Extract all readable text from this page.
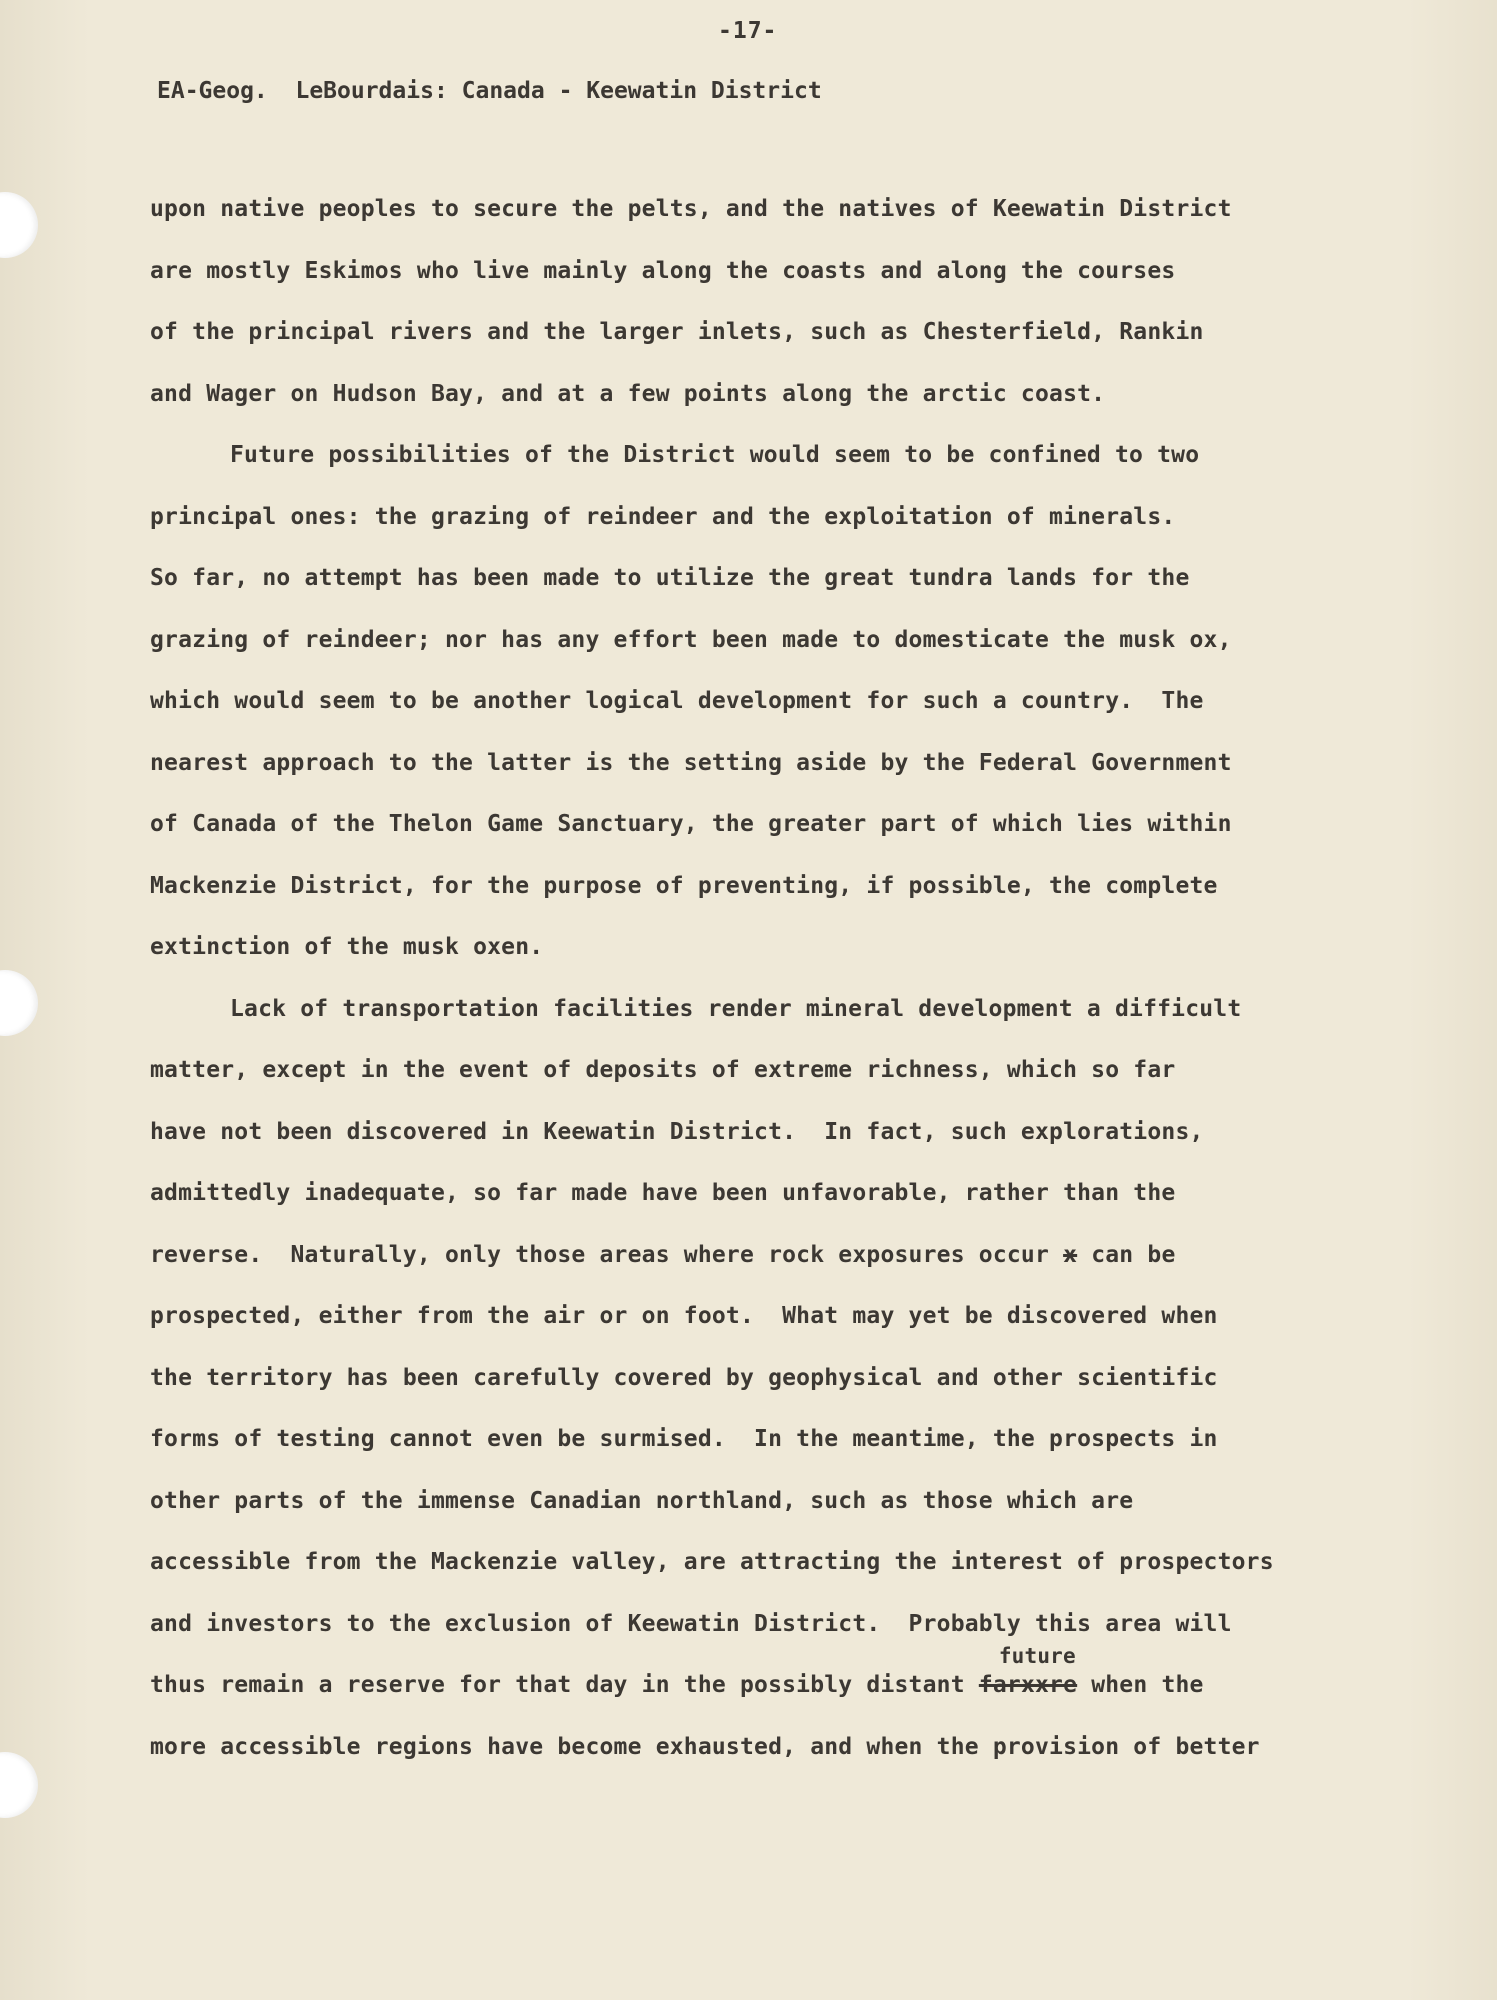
-17-
EA-Geog.  LeBourdais: Canada - Keewatin District
upon native peoples to secure the pelts, and the natives of Keewatin District
are mostly Eskimos who live mainly along the coasts and along the courses
of the principal rivers and the larger inlets, such as Chesterfield, Rankin
and Wager on Hudson Bay, and at a few points along the arctic coast.
Future possibilities of the District would seem to be confined to two
principal ones: the grazing of reindeer and the exploitation of minerals.
So far, no attempt has been made to utilize the great tundra lands for the
grazing of reindeer; nor has any effort been made to domesticate the musk ox,
which would seem to be another logical development for such a country.  The
nearest approach to the latter is the setting aside by the Federal Government
of Canada of the Thelon Game Sanctuary, the greater part of which lies within
Mackenzie District, for the purpose of preventing, if possible, the complete
extinction of the musk oxen.
Lack of transportation facilities render mineral development a difficult
matter, except in the event of deposits of extreme richness, which so far
have not been discovered in Keewatin District.  In fact, such explorations,
admittedly inadequate, so far made have been unfavorable, rather than the
reverse.  Naturally, only those areas where rock exposures occur x can be
prospected, either from the air or on foot.  What may yet be discovered when
the territory has been carefully covered by geophysical and other scientific
forms of testing cannot even be surmised.  In the meantime, the prospects in
other parts of the immense Canadian northland, such as those which are
accessible from the Mackenzie valley, are attracting the interest of prospectors
and investors to the exclusion of Keewatin District.  Probably this area will
thus remain a reserve for that day in the possibly distant
future
farxxre when the
more accessible regions have become exhausted, and when the provision of better
